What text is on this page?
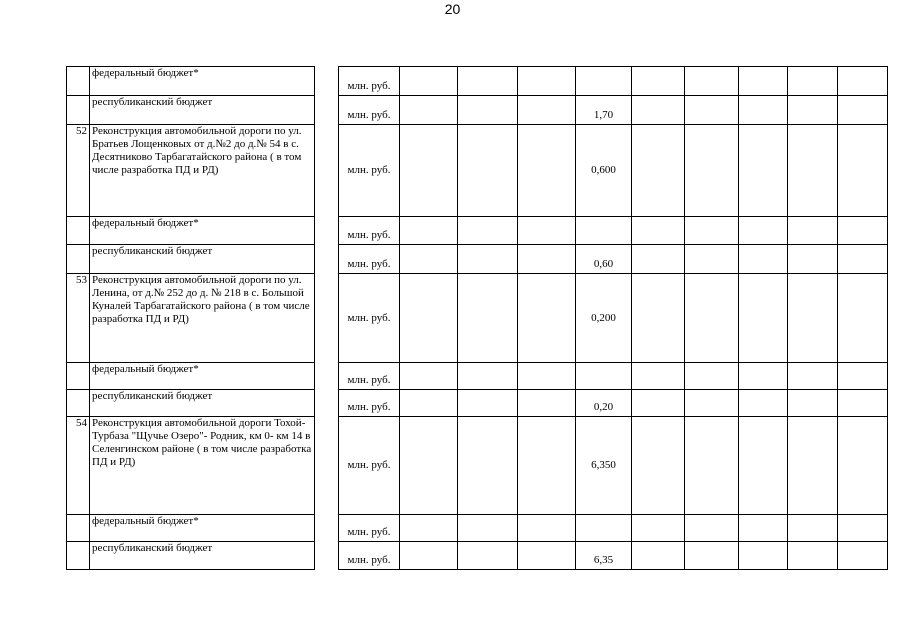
20
	федеральный бюджет*		млн. руб.									
	республиканский бюджет		млн. руб.				1,70					
52	Реконструкция автомобильной дороги по ул. Братьев Лощенковых от д.№2 до д.№ 54 в с. Десятниково Тарбагатайского района ( в том числе разработка ПД и РД)		млн. руб.				0,600					
	федеральный бюджет*		млн. руб.									
	республиканский бюджет		млн. руб.				0,60					
53	Реконструкция автомобильной дороги по ул. Ленина, от д.№ 252 до д. № 218 в с. Большой Куналей Тарбагатайского района ( в том числе разработка ПД и РД)		млн. руб.				0,200					
	федеральный бюджет*		млн. руб.									
	республиканский бюджет		млн. руб.				0,20					
54	Реконструкция автомобильной дороги Тохой- Турбаза "Щучье Озеро"- Родник, км 0- км 14 в Селенгинском районе ( в том числе разработка ПД и РД)		млн. руб.				6,350					
	федеральный бюджет*		млн. руб.									
	республиканский бюджет		млн. руб.				6,35					
